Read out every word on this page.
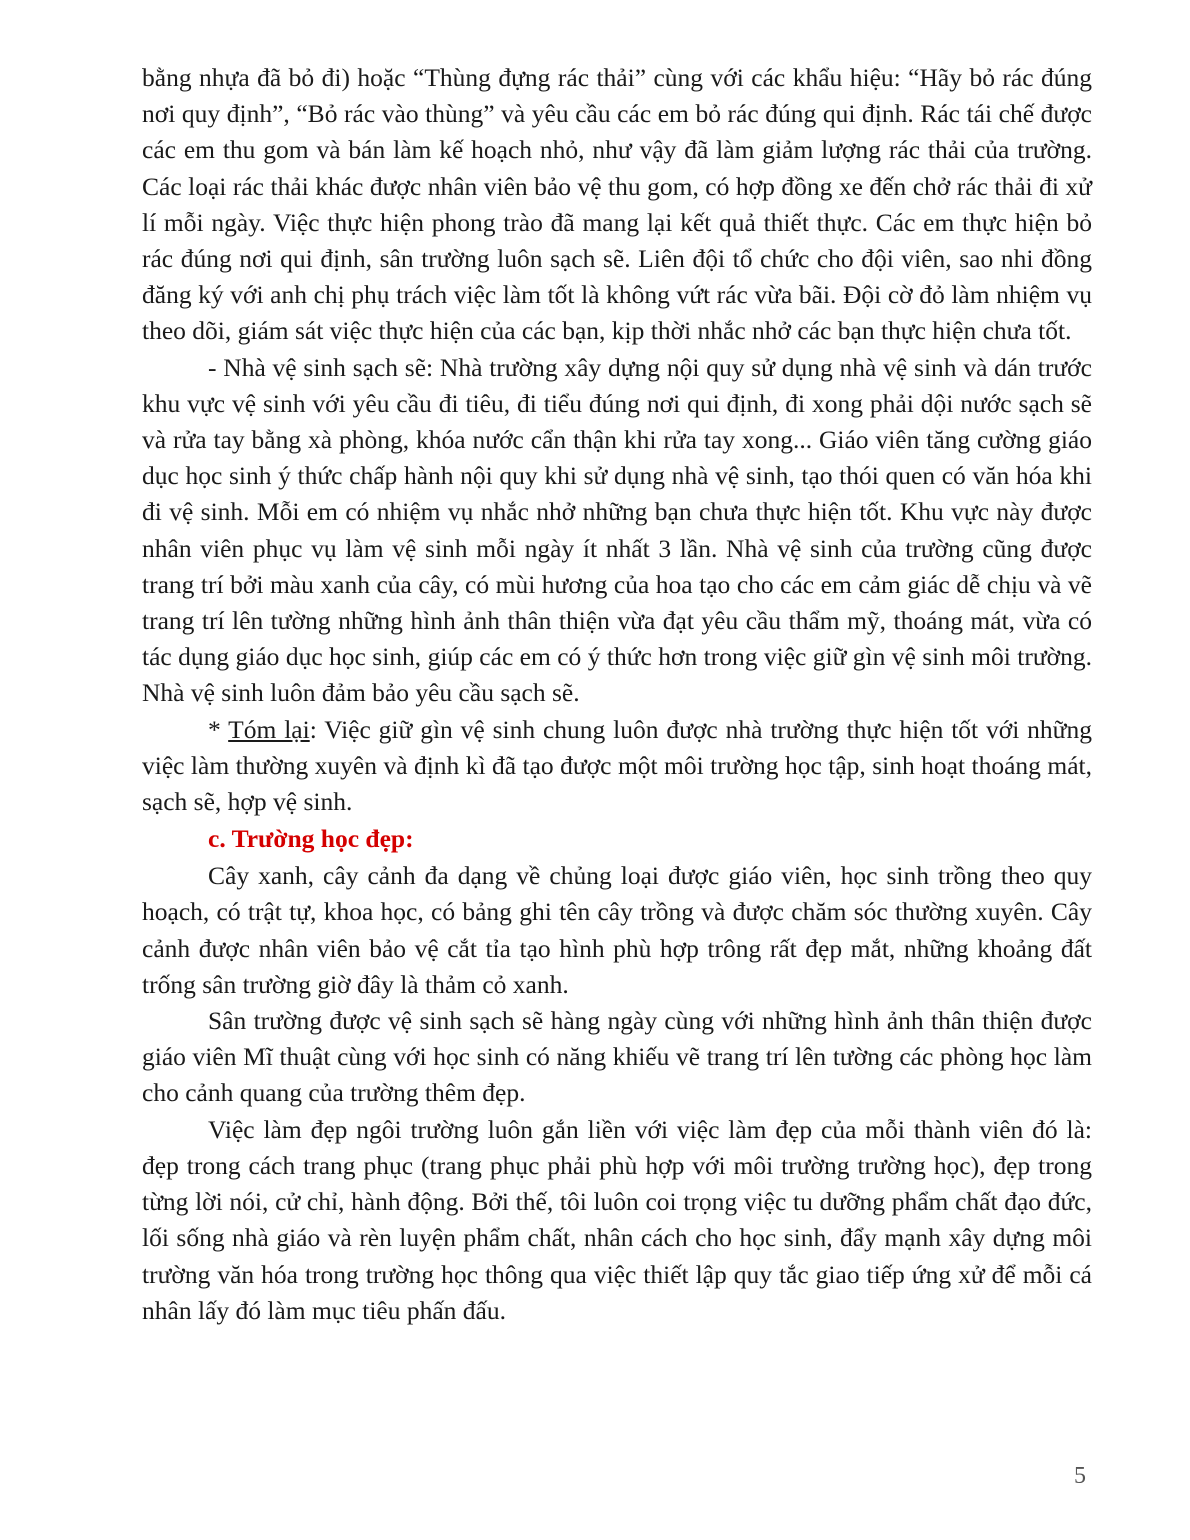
bằng nhựa đã bỏ đi) hoặc “Thùng đựng rác thải” cùng với các khẩu hiệu: “Hãy bỏ rác đúng nơi quy định”, “Bỏ rác vào thùng” và yêu cầu các em bỏ rác đúng qui định. Rác tái chế được các em thu gom và bán làm kế hoạch nhỏ, như vậy đã làm giảm lượng rác thải của trường. Các loại rác thải khác được nhân viên bảo vệ thu gom, có hợp đồng xe đến chở rác thải đi xử lí mỗi ngày. Việc thực hiện phong trào đã mang lại kết quả thiết thực. Các em thực hiện bỏ rác đúng nơi qui định, sân trường luôn sạch sẽ. Liên đội tổ chức cho đội viên, sao nhi đồng đăng ký với anh chị phụ trách việc làm tốt là không vứt rác vừa bãi. Đội cờ đỏ làm nhiệm vụ theo dõi, giám sát việc thực hiện của các bạn, kịp thời nhắc nhở các bạn thực hiện chưa tốt.

- Nhà vệ sinh sạch sẽ: Nhà trường xây dựng nội quy sử dụng nhà vệ sinh và dán trước khu vực vệ sinh với yêu cầu đi tiêu, đi tiểu đúng nơi qui định, đi xong phải dội nước sạch sẽ và rửa tay bằng xà phòng, khóa nước cẩn thận khi rửa tay xong... Giáo viên tăng cường giáo dục học sinh ý thức chấp hành nội quy khi sử dụng nhà vệ sinh, tạo thói quen có văn hóa khi đi vệ sinh. Mỗi em có nhiệm vụ nhắc nhở những bạn chưa thực hiện tốt. Khu vực này được nhân viên phục vụ làm vệ sinh mỗi ngày ít nhất 3 lần. Nhà vệ sinh của trường cũng được trang trí bởi màu xanh của cây, có mùi hương của hoa tạo cho các em cảm giác dễ chịu và vẽ trang trí lên tường những hình ảnh thân thiện vừa đạt yêu cầu thẩm mỹ, thoáng mát, vừa có tác dụng giáo dục học sinh, giúp các em có ý thức hơn trong việc giữ gìn vệ sinh môi trường. Nhà vệ sinh luôn đảm bảo yêu cầu sạch sẽ.

* Tóm lại: Việc giữ gìn vệ sinh chung luôn được nhà trường thực hiện tốt với những việc làm thường xuyên và định kì đã tạo được một môi trường học tập, sinh hoạt thoáng mát, sạch sẽ, hợp vệ sinh.

c. Trường học đẹp:

Cây xanh, cây cảnh đa dạng về chủng loại được giáo viên, học sinh trồng theo quy hoạch, có trật tự, khoa học, có bảng ghi tên cây trồng và được chăm sóc thường xuyên. Cây cảnh được nhân viên bảo vệ cắt tỉa tạo hình phù hợp trông rất đẹp mắt, những khoảng đất trống sân trường giờ đây là thảm cỏ xanh.

Sân trường được vệ sinh sạch sẽ hàng ngày cùng với những hình ảnh thân thiện được giáo viên Mĩ thuật cùng với học sinh có năng khiếu vẽ trang trí lên tường các phòng học làm cho cảnh quang của trường thêm đẹp.

Việc làm đẹp ngôi trường luôn gắn liền với việc làm đẹp của mỗi thành viên đó là: đẹp trong cách trang phục (trang phục phải phù hợp với môi trường trường học), đẹp trong từng lời nói, cử chỉ, hành động. Bởi thế, tôi luôn coi trọng việc tu dưỡng phẩm chất đạo đức, lối sống nhà giáo và rèn luyện phẩm chất, nhân cách cho học sinh, đẩy mạnh xây dựng môi trường văn hóa trong trường học thông qua việc thiết lập quy tắc giao tiếp ứng xử để mỗi cá nhân lấy đó làm mục tiêu phấn đấu.

5
